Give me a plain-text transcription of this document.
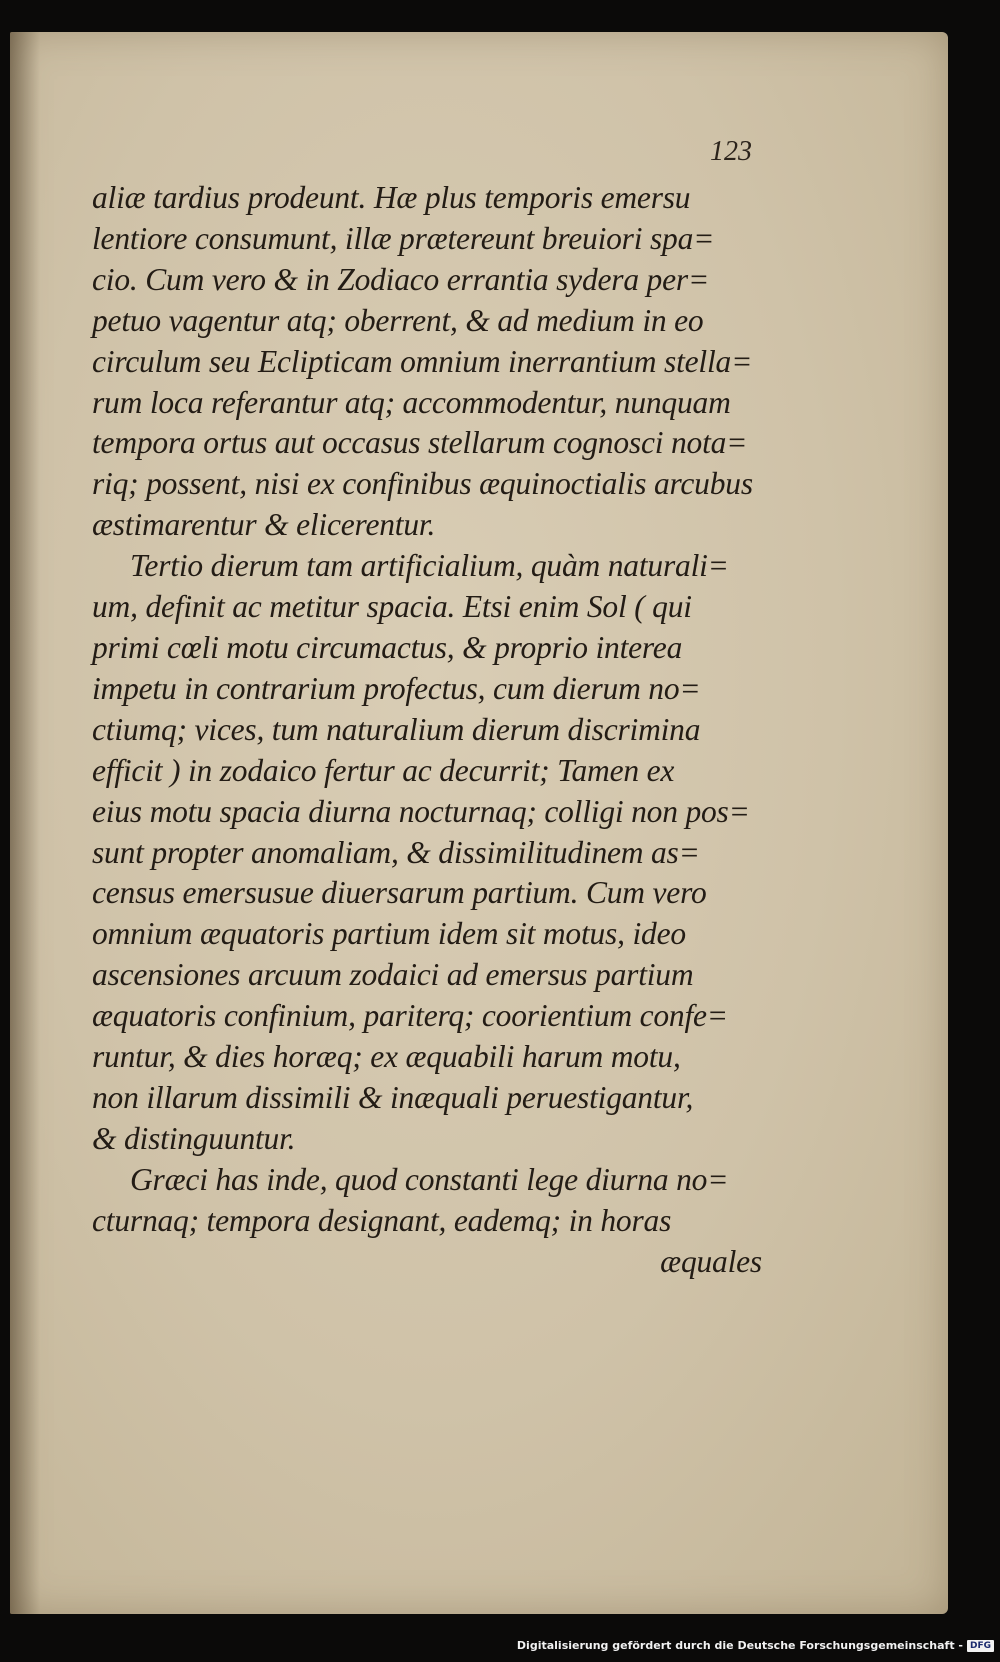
123
aliæ tardius prodeunt. Hæ plus temporis emersu
lentiore consumunt, illæ prætereunt breuiori spa=
cio. Cum vero & in Zodiaco errantia sydera per=
petuo vagentur atq; oberrent, & ad medium in eo
circulum seu Eclipticam omnium inerrantium stella=
rum loca referantur atq; accommodentur, nunquam
tempora ortus aut occasus stellarum cognosci nota=
riq; possent, nisi ex confinibus æquinoctialis arcubus
æstimarentur & elicerentur.
Tertio dierum tam artificialium, quàm naturali=
um, definit ac metitur spacia. Etsi enim Sol ( qui
primi cœli motu circumactus, & proprio interea
impetu in contrarium profectus, cum dierum no=
ctiumq; vices, tum naturalium dierum discrimina
efficit ) in zodaico fertur ac decurrit; Tamen ex
eius motu spacia diurna nocturnaq; colligi non pos=
sunt propter anomaliam, & dissimilitudinem as=
census emersusue diuersarum partium. Cum vero
omnium æquatoris partium idem sit motus, ideo
ascensiones arcuum zodaici ad emersus partium
æquatoris confinium, pariterq; coorientium confe=
runtur, & dies horæq; ex æquabili harum motu,
non illarum dissimili & inæquali peruestigantur,
& distinguuntur.
Græci has inde, quod constanti lege diurna no=
cturnaq; tempora designant, eademq; in horas
æquales
Digitalisierung gefördert durch die Deutsche Forschungsgemeinschaft - DFG
